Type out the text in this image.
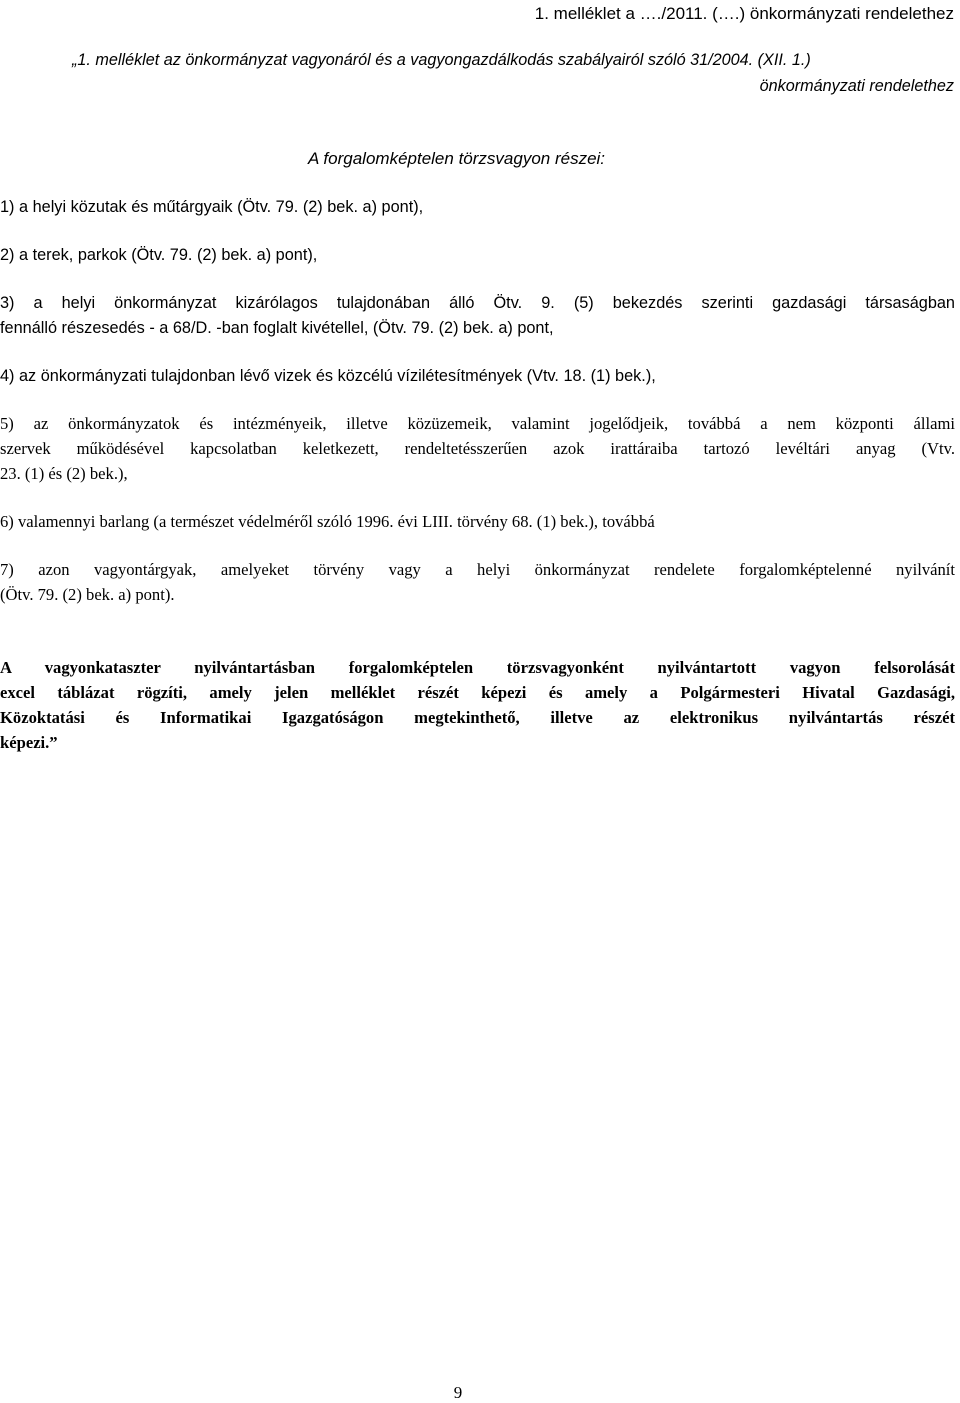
1. melléklet a …./2011. (….) önkormányzati rendelethez
„1. melléklet az önkormányzat vagyonáról és a vagyongazdálkodás szabályairól szóló 31/2004. (XII. 1.)
önkormányzati rendelethez
A forgalomképtelen törzsvagyon részei:
1) a helyi közutak és műtárgyaik (Ötv. 79. (2) bek. a) pont),
2) a terek, parkok (Ötv. 79. (2) bek. a) pont),
3) a helyi önkormányzat kizárólagos tulajdonában álló Ötv. 9. (5) bekezdés szerinti gazdasági társaságban
fennálló részesedés - a 68/D. -ban foglalt kivétellel, (Ötv. 79. (2) bek. a) pont,
4) az önkormányzati tulajdonban lévő vizek és közcélú vízilétesítmények (Vtv. 18. (1) bek.),
5) az önkormányzatok és intézményeik, illetve közüzemeik, valamint jogelődjeik, továbbá a nem központi állami
szervek működésével kapcsolatban keletkezett, rendeltetésszerűen azok irattáraiba tartozó levéltári anyag (Vtv.
23. (1) és (2) bek.),
6) valamennyi barlang (a természet védelméről szóló 1996. évi LIII. törvény 68. (1) bek.), továbbá
7) azon vagyontárgyak, amelyeket törvény vagy a helyi önkormányzat rendelete forgalomképtelenné nyilvánít
(Ötv. 79. (2) bek. a) pont).
A vagyonkataszter nyilvántartásban forgalomképtelen törzsvagyonként nyilvántartott vagyon felsorolását
excel táblázat rögzíti, amely jelen melléklet részét képezi és amely a Polgármesteri Hivatal Gazdasági,
Közoktatási és Informatikai Igazgatóságon megtekinthető, illetve az elektronikus nyilvántartás részét
képezi.”
9
